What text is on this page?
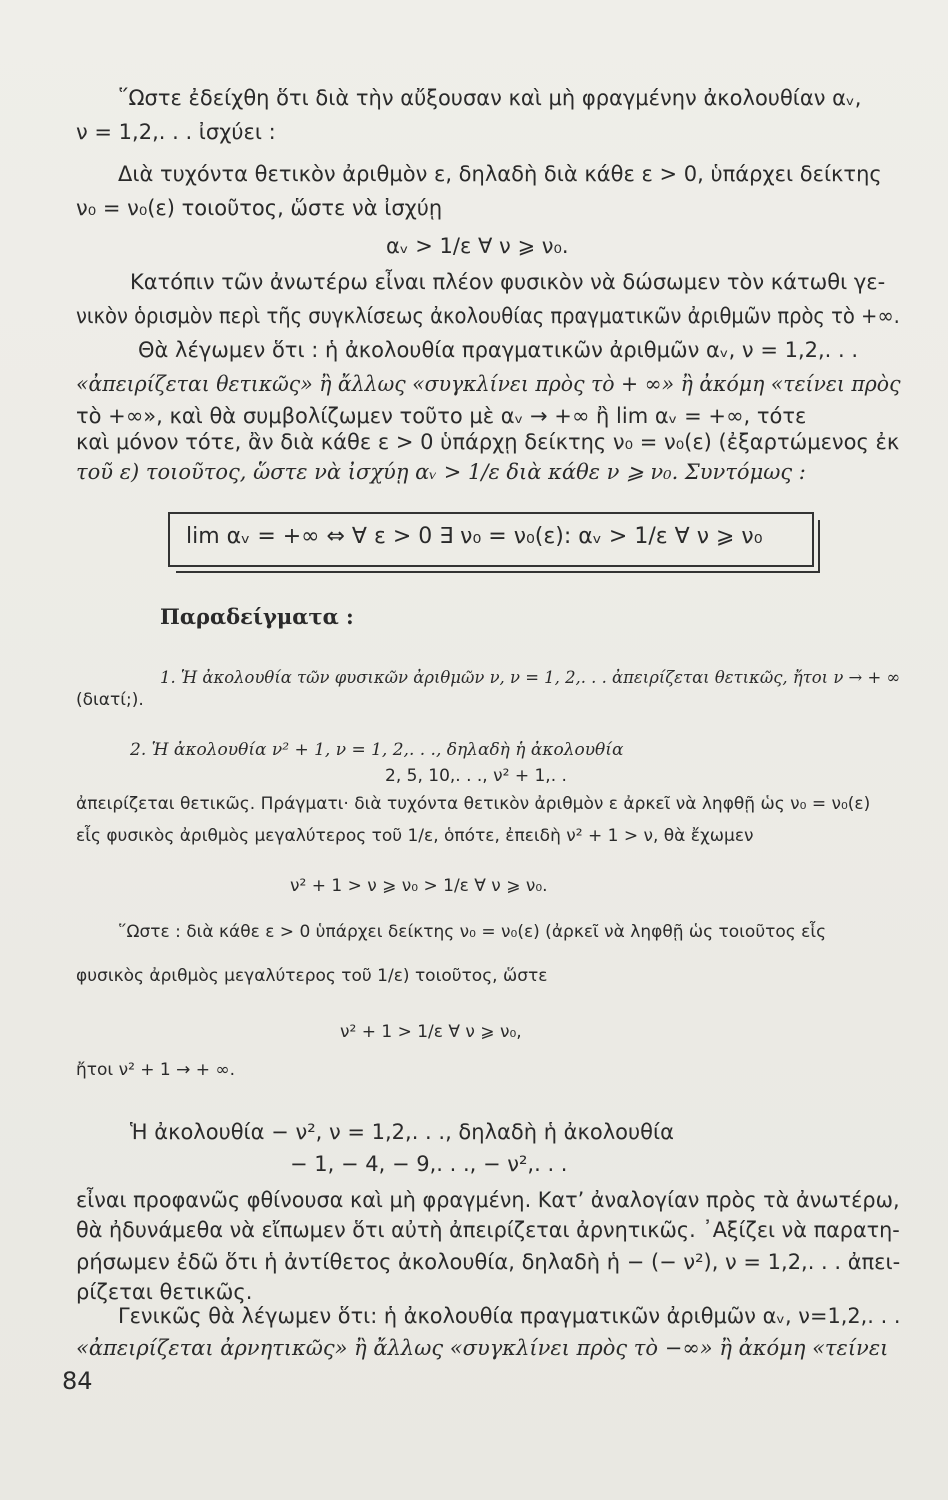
῞Ωστε ἐδείχθη ὅτι διὰ τὴν αὔξουσαν καὶ μὴ φραγμένην ἀκολουθίαν αᵥ,
ν = 1,2,. . . ἰσχύει :
Διὰ τυχόντα θετικὸν ἀριθμὸν ε, δηλαδὴ διὰ κάθε ε > 0, ὑπάρχει δείκτης
ν₀ = ν₀(ε) τοιοῦτος, ὥστε νὰ ἰσχύῃ
αᵥ > 1/ε ∀ ν ⩾ ν₀.
Κατόπιν τῶν ἀνωτέρω εἶναι πλέον φυσικὸν νὰ δώσωμεν τὸν κάτωθι γε-
νικὸν ὁρισμὸν περὶ τῆς συγκλίσεως ἀκολουθίας πραγματικῶν ἀριθμῶν πρὸς τὸ +∞.
Θὰ λέγωμεν ὅτι : ἡ ἀκολουθία πραγματικῶν ἀριθμῶν αᵥ, ν = 1,2,. . .
«ἀπειρίζεται θετικῶς» ἢ ἄλλως «συγκλίνει πρὸς τὸ + ∞» ἢ ἀκόμη «τείνει πρὸς
τὸ +∞», καὶ θὰ συμβολίζωμεν τοῦτο μὲ αᵥ → +∞ ἢ lim αᵥ = +∞, τότε
καὶ μόνον τότε, ἂν διὰ κάθε ε > 0 ὑπάρχῃ δείκτης ν₀ = ν₀(ε) (ἐξαρτώμενος ἐκ
τοῦ ε) τοιοῦτος, ὥστε νὰ ἰσχύῃ αᵥ > 1/ε διὰ κάθε ν ⩾ ν₀. Συντόμως :
lim αᵥ = +∞ ⇔ ∀ ε > 0 ∃ ν₀ = ν₀(ε): αᵥ > 1/ε ∀ ν ⩾ ν₀
Παραδείγματα :
1. Ἡ ἀκολουθία τῶν φυσικῶν ἀριθμῶν ν, ν = 1, 2,. . . ἀπειρίζεται θετικῶς, ἤτοι ν → + ∞
(διατί;).
2. Ἡ ἀκολουθία ν² + 1, ν = 1, 2,. . ., δηλαδὴ ἡ ἀκολουθία
2, 5, 10,. . ., ν² + 1,. .
ἀπειρίζεται θετικῶς. Πράγματι· διὰ τυχόντα θετικὸν ἀριθμὸν ε ἀρκεῖ νὰ ληφθῇ ὡς ν₀ = ν₀(ε)
εἷς φυσικὸς ἀριθμὸς μεγαλύτερος τοῦ 1/ε, ὁπότε, ἐπειδὴ ν² + 1 > ν, θὰ ἔχωμεν
ν² + 1 > ν ⩾ ν₀ > 1/ε ∀ ν ⩾ ν₀.
῞Ωστε : διὰ κάθε ε > 0 ὑπάρχει δείκτης ν₀ = ν₀(ε) (ἀρκεῖ νὰ ληφθῇ ὡς τοιοῦτος εἷς
φυσικὸς ἀριθμὸς μεγαλύτερος τοῦ 1/ε) τοιοῦτος, ὥστε
ν² + 1 > 1/ε ∀ ν ⩾ ν₀,
ἤτοι ν² + 1 → + ∞.
Ἡ ἀκολουθία − ν², ν = 1,2,. . ., δηλαδὴ ἡ ἀκολουθία
− 1, − 4, − 9,. . ., − ν²,. . .
εἶναι προφανῶς φθίνουσα καὶ μὴ φραγμένη. Κατ’ ἀναλογίαν πρὸς τὰ ἀνωτέρω,
θὰ ἠδυνάμεθα νὰ εἴπωμεν ὅτι αὐτὴ ἀπειρίζεται ἀρνητικῶς. ᾿Αξίζει νὰ παρατη-
ρήσωμεν ἐδῶ ὅτι ἡ ἀντίθετος ἀκολουθία, δηλαδὴ ἡ − (− ν²), ν = 1,2,. . . ἀπει-
ρίζεται θετικῶς.
Γενικῶς θὰ λέγωμεν ὅτι: ἡ ἀκολουθία πραγματικῶν ἀριθμῶν αᵥ, ν=1,2,. . .
«ἀπειρίζεται ἀρνητικῶς» ἢ ἄλλως «συγκλίνει πρὸς τὸ −∞» ἢ ἀκόμη «τείνει
84
